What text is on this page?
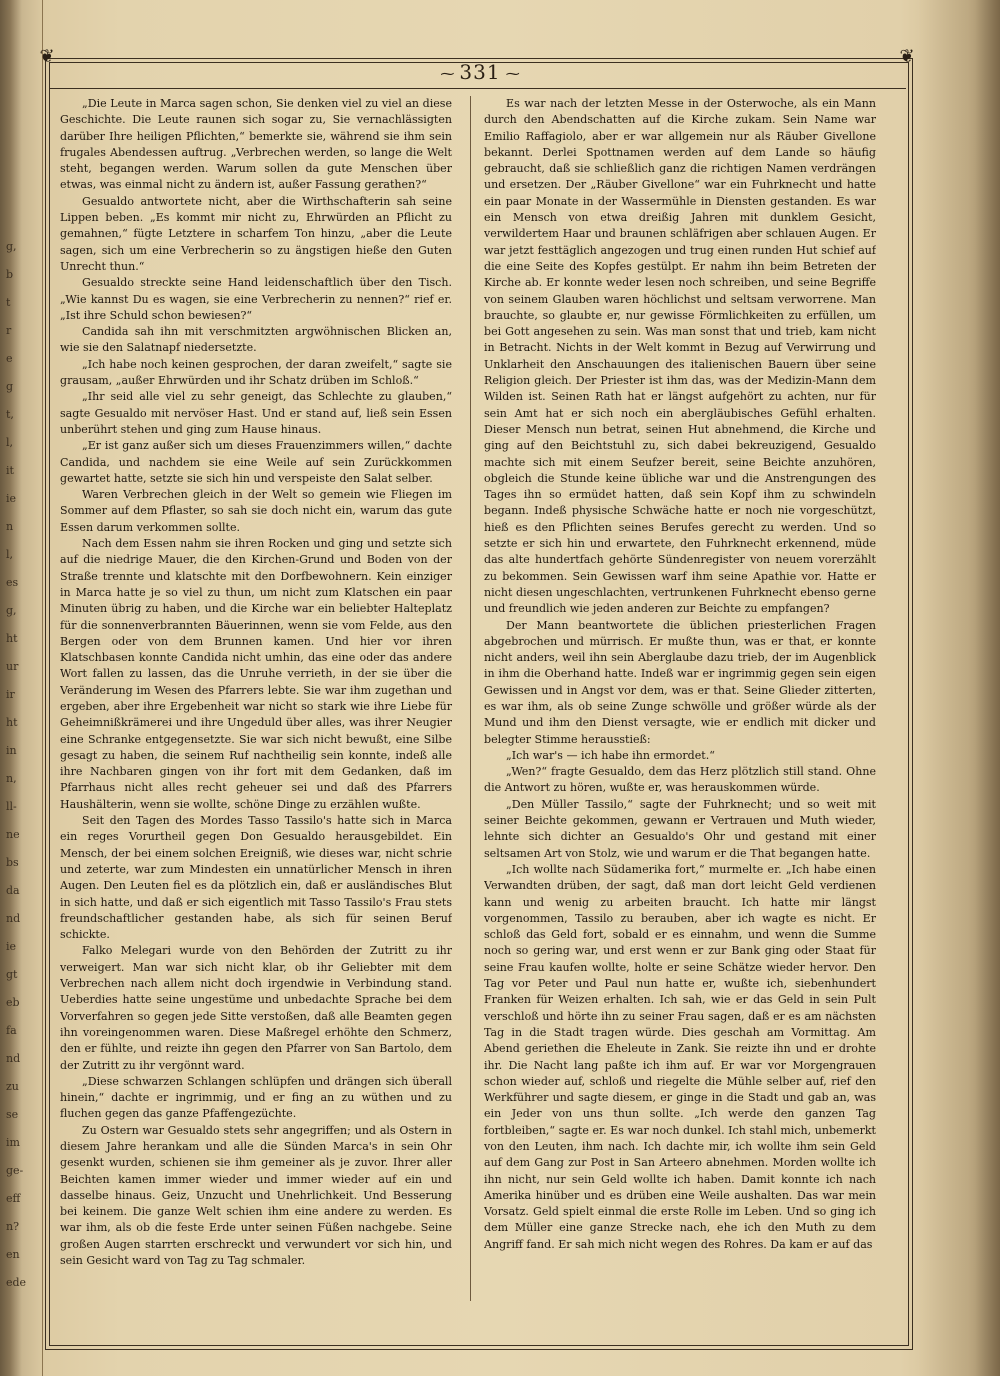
g,
b
t
r
e
g
t,
l,
it
ie
n
l,
es
g,
ht
ur
ir
ht
in
n,
ll-
ne
bs
da
nd
ie
gt
eb
fa
nd
zu
se
im
ge-
eff
n?
en
ede
❦	❦
⁓ 331 ⁓

„Die Leute in Marca sagen schon, Sie denken viel zu viel an diese Geschichte. Die Leute raunen sich sogar zu, Sie vernachlässigten darüber Ihre heiligen Pflichten,“ bemerkte sie, während sie ihm sein frugales Abendessen auftrug. „Verbrechen werden, so lange die Welt steht, begangen werden. Warum sollen da gute Menschen über etwas, was einmal nicht zu ändern ist, außer Fassung gerathen?“

Gesualdo antwortete nicht, aber die Wirthschafterin sah seine Lippen beben. „Es kommt mir nicht zu, Ehrwürden an Pflicht zu gemahnen,“ fügte Letztere in scharfem Ton hinzu, „aber die Leute sagen, sich um eine Verbrecherin so zu ängstigen hieße den Guten Unrecht thun.“

Gesualdo streckte seine Hand leidenschaftlich über den Tisch. „Wie kannst Du es wagen, sie eine Verbrecherin zu nennen?“ rief er. „Ist ihre Schuld schon bewiesen?“

Candida sah ihn mit verschmitzten argwöhnischen Blicken an, wie sie den Salatnapf niedersetzte.

„Ich habe noch keinen gesprochen, der daran zweifelt,“ sagte sie grausam, „außer Ehrwürden und ihr Schatz drüben im Schloß.“

„Ihr seid alle viel zu sehr geneigt, das Schlechte zu glauben,“ sagte Gesualdo mit nervöser Hast. Und er stand auf, ließ sein Essen unberührt stehen und ging zum Hause hinaus.

„Er ist ganz außer sich um dieses Frauenzimmers willen,“ dachte Candida, und nachdem sie eine Weile auf sein Zurückkommen gewartet hatte, setzte sie sich hin und verspeiste den Salat selber.

Waren Verbrechen gleich in der Welt so gemein wie Fliegen im Sommer auf dem Pflaster, so sah sie doch nicht ein, warum das gute Essen darum verkommen sollte.

Nach dem Essen nahm sie ihren Rocken und ging und setzte sich auf die niedrige Mauer, die den Kirchen-Grund und Boden von der Straße trennte und klatschte mit den Dorfbewohnern. Kein einziger in Marca hatte je so viel zu thun, um nicht zum Klatschen ein paar Minuten übrig zu haben, und die Kirche war ein beliebter Halteplatz für die sonnenverbrannten Bäuerinnen, wenn sie vom Felde, aus den Bergen oder von dem Brunnen kamen. Und hier vor ihren Klatschbasen konnte Candida nicht umhin, das eine oder das andere Wort fallen zu lassen, das die Unruhe verrieth, in der sie über die Veränderung im Wesen des Pfarrers lebte. Sie war ihm zugethan und ergeben, aber ihre Ergebenheit war nicht so stark wie ihre Liebe für Geheimnißkrämerei und ihre Ungeduld über alles, was ihrer Neugier eine Schranke entgegensetzte. Sie war sich nicht bewußt, eine Silbe gesagt zu haben, die seinem Ruf nachtheilig sein konnte, indeß alle ihre Nachbaren gingen von ihr fort mit dem Gedanken, daß im Pfarrhaus nicht alles recht geheuer sei und daß des Pfarrers Haushälterin, wenn sie wollte, schöne Dinge zu erzählen wußte.

Seit den Tagen des Mordes Tasso Tassilo's hatte sich in Marca ein reges Vorurtheil gegen Don Gesualdo herausgebildet. Ein Mensch, der bei einem solchen Ereigniß, wie dieses war, nicht schrie und zeterte, war zum Mindesten ein unnatürlicher Mensch in ihren Augen. Den Leuten fiel es da plötzlich ein, daß er ausländisches Blut in sich hatte, und daß er sich eigentlich mit Tasso Tassilo's Frau stets freundschaftlicher gestanden habe, als sich für seinen Beruf schickte.

Falko Melegari wurde von den Behörden der Zutritt zu ihr verweigert. Man war sich nicht klar, ob ihr Geliebter mit dem Verbrechen nach allem nicht doch irgendwie in Verbindung stand. Ueberdies hatte seine ungestüme und unbedachte Sprache bei dem Vorverfahren so gegen jede Sitte verstoßen, daß alle Beamten gegen ihn voreingenommen waren. Diese Maßregel erhöhte den Schmerz, den er fühlte, und reizte ihn gegen den Pfarrer von San Bartolo, dem der Zutritt zu ihr vergönnt ward.

„Diese schwarzen Schlangen schlüpfen und drängen sich überall hinein,“ dachte er ingrimmig, und er fing an zu wüthen und zu fluchen gegen das ganze Pfaffengezüchte.

Zu Ostern war Gesualdo stets sehr angegriffen; und als Ostern in diesem Jahre herankam und alle die Sünden Marca's in sein Ohr gesenkt wurden, schienen sie ihm gemeiner als je zuvor. Ihrer aller Beichten kamen immer wieder und immer wieder auf ein und dasselbe hinaus. Geiz, Unzucht und Unehrlichkeit. Und Besserung bei keinem. Die ganze Welt schien ihm eine andere zu werden. Es war ihm, als ob die feste Erde unter seinen Füßen nachgebe. Seine großen Augen starrten erschreckt und verwundert vor sich hin, und sein Gesicht ward von Tag zu Tag schmaler.

Es war nach der letzten Messe in der Osterwoche, als ein Mann durch den Abendschatten auf die Kirche zukam. Sein Name war Emilio Raffagiolo, aber er war allgemein nur als Räuber Givellone bekannt. Derlei Spottnamen werden auf dem Lande so häufig gebraucht, daß sie schließlich ganz die richtigen Namen verdrängen und ersetzen. Der „Räuber Givellone“ war ein Fuhrknecht und hatte ein paar Monate in der Wassermühle in Diensten gestanden. Es war ein Mensch von etwa dreißig Jahren mit dunklem Gesicht, verwildertem Haar und braunen schläfrigen aber schlauen Augen. Er war jetzt festtäglich angezogen und trug einen runden Hut schief auf die eine Seite des Kopfes gestülpt. Er nahm ihn beim Betreten der Kirche ab. Er konnte weder lesen noch schreiben, und seine Begriffe von seinem Glauben waren höchlichst und seltsam verworrene. Man brauchte, so glaubte er, nur gewisse Förmlichkeiten zu erfüllen, um bei Gott angesehen zu sein. Was man sonst that und trieb, kam nicht in Betracht. Nichts in der Welt kommt in Bezug auf Verwirrung und Unklarheit den Anschauungen des italienischen Bauern über seine Religion gleich. Der Priester ist ihm das, was der Medizin-Mann dem Wilden ist. Seinen Rath hat er längst aufgehört zu achten, nur für sein Amt hat er sich noch ein abergläubisches Gefühl erhalten. Dieser Mensch nun betrat, seinen Hut abnehmend, die Kirche und ging auf den Beichtstuhl zu, sich dabei bekreuzigend, Gesualdo machte sich mit einem Seufzer bereit, seine Beichte anzuhören, obgleich die Stunde keine übliche war und die Anstrengungen des Tages ihn so ermüdet hatten, daß sein Kopf ihm zu schwindeln begann. Indeß physische Schwäche hatte er noch nie vorgeschützt, hieß es den Pflichten seines Berufes gerecht zu werden. Und so setzte er sich hin und erwartete, den Fuhrknecht erkennend, müde das alte hundertfach gehörte Sündenregister von neuem vorerzählt zu bekommen. Sein Gewissen warf ihm seine Apathie vor. Hatte er nicht diesen ungeschlachten, vertrunkenen Fuhrknecht ebenso gerne und freundlich wie jeden anderen zur Beichte zu empfangen?

Der Mann beantwortete die üblichen priesterlichen Fragen abgebrochen und mürrisch. Er mußte thun, was er that, er konnte nicht anders, weil ihn sein Aberglaube dazu trieb, der im Augenblick in ihm die Oberhand hatte. Indeß war er ingrimmig gegen sein eigen Gewissen und in Angst vor dem, was er that. Seine Glieder zitterten, es war ihm, als ob seine Zunge schwölle und größer würde als der Mund und ihm den Dienst versagte, wie er endlich mit dicker und belegter Stimme herausstieß:

„Ich war's — ich habe ihn ermordet.“

„Wen?“ fragte Gesualdo, dem das Herz plötzlich still stand. Ohne die Antwort zu hören, wußte er, was herauskommen würde.

„Den Müller Tassilo,“ sagte der Fuhrknecht; und so weit mit seiner Beichte gekommen, gewann er Vertrauen und Muth wieder, lehnte sich dichter an Gesualdo's Ohr und gestand mit einer seltsamen Art von Stolz, wie und warum er die That begangen hatte.

„Ich wollte nach Südamerika fort,“ murmelte er. „Ich habe einen Verwandten drüben, der sagt, daß man dort leicht Geld verdienen kann und wenig zu arbeiten braucht. Ich hatte mir längst vorgenommen, Tassilo zu berauben, aber ich wagte es nicht. Er schloß das Geld fort, sobald er es einnahm, und wenn die Summe noch so gering war, und erst wenn er zur Bank ging oder Staat für seine Frau kaufen wollte, holte er seine Schätze wieder hervor. Den Tag vor Peter und Paul nun hatte er, wußte ich, siebenhundert Franken für Weizen erhalten. Ich sah, wie er das Geld in sein Pult verschloß und hörte ihn zu seiner Frau sagen, daß er es am nächsten Tag in die Stadt tragen würde. Dies geschah am Vormittag. Am Abend geriethen die Eheleute in Zank. Sie reizte ihn und er drohte ihr. Die Nacht lang paßte ich ihm auf. Er war vor Morgengrauen schon wieder auf, schloß und riegelte die Mühle selber auf, rief den Werkführer und sagte diesem, er ginge in die Stadt und gab an, was ein Jeder von uns thun sollte. „Ich werde den ganzen Tag fortbleiben,“ sagte er. Es war noch dunkel. Ich stahl mich, unbemerkt von den Leuten, ihm nach. Ich dachte mir, ich wollte ihm sein Geld auf dem Gang zur Post in San Arteero abnehmen. Morden wollte ich ihn nicht, nur sein Geld wollte ich haben. Damit konnte ich nach Amerika hinüber und es drüben eine Weile aushalten. Das war mein Vorsatz. Geld spielt einmal die erste Rolle im Leben. Und so ging ich dem Müller eine ganze Strecke nach, ehe ich den Muth zu dem Angriff fand. Er sah mich nicht wegen des Rohres. Da kam er auf das
